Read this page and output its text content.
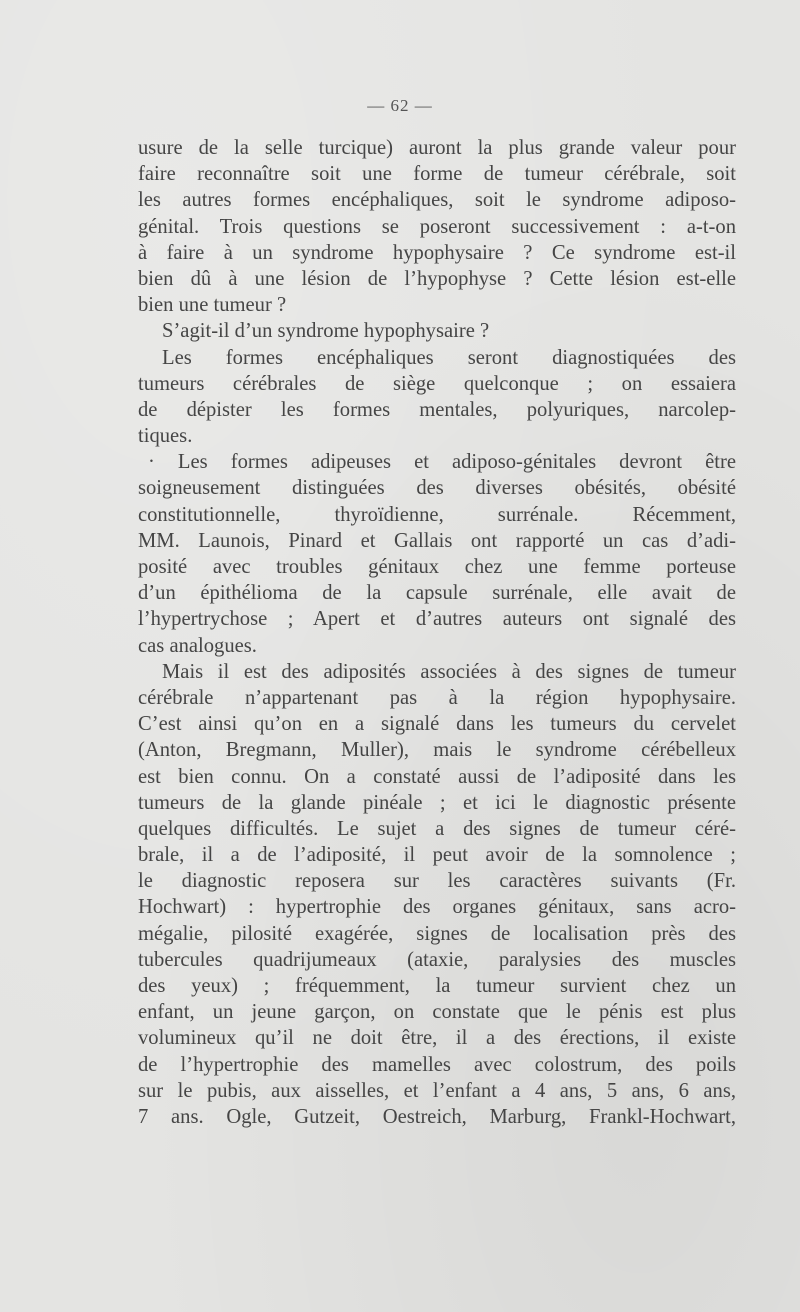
— 62 —
usure de la selle turcique) auront la plus grande valeur pour
faire reconnaître soit une forme de tumeur cérébrale, soit
les autres formes encéphaliques, soit le syndrome adiposo-
génital. Trois questions se poseront successivement : a-t-on
à faire à un syndrome hypophysaire ? Ce syndrome est-il
bien dû à une lésion de l’hypophyse ? Cette lésion est-elle
bien une tumeur ?
S’agit-il d’un syndrome hypophysaire ?
Les formes encéphaliques seront diagnostiquées des
tumeurs cérébrales de siège quelconque ; on essaiera
de dépister les formes mentales, polyuriques, narcolep-
tiques.
· Les formes adipeuses et adiposo-génitales devront être
soigneusement distinguées des diverses obésités, obésité
constitutionnelle, thyroïdienne, surrénale. Récemment,
MM. Launois, Pinard et Gallais ont rapporté un cas d’adi-
posité avec troubles génitaux chez une femme porteuse
d’un épithélioma de la capsule surrénale, elle avait de
l’hypertrychose ; Apert et d’autres auteurs ont signalé des
cas analogues.
Mais il est des adiposités associées à des signes de tumeur
cérébrale n’appartenant pas à la région hypophysaire.
C’est ainsi qu’on en a signalé dans les tumeurs du cervelet
(Anton, Bregmann, Muller), mais le syndrome cérébelleux
est bien connu. On a constaté aussi de l’adiposité dans les
tumeurs de la glande pinéale ; et ici le diagnostic présente
quelques difficultés. Le sujet a des signes de tumeur céré-
brale, il a de l’adiposité, il peut avoir de la somnolence ;
le diagnostic reposera sur les caractères suivants (Fr.
Hochwart) : hypertrophie des organes génitaux, sans acro-
mégalie, pilosité exagérée, signes de localisation près des
tubercules quadrijumeaux (ataxie, paralysies des muscles
des yeux) ; fréquemment, la tumeur survient chez un
enfant, un jeune garçon, on constate que le pénis est plus
volumineux qu’il ne doit être, il a des érections, il existe
de l’hypertrophie des mamelles avec colostrum, des poils
sur le pubis, aux aisselles, et l’enfant a 4 ans, 5 ans, 6 ans,
7 ans. Ogle, Gutzeit, Oestreich, Marburg, Frankl-Hochwart,
